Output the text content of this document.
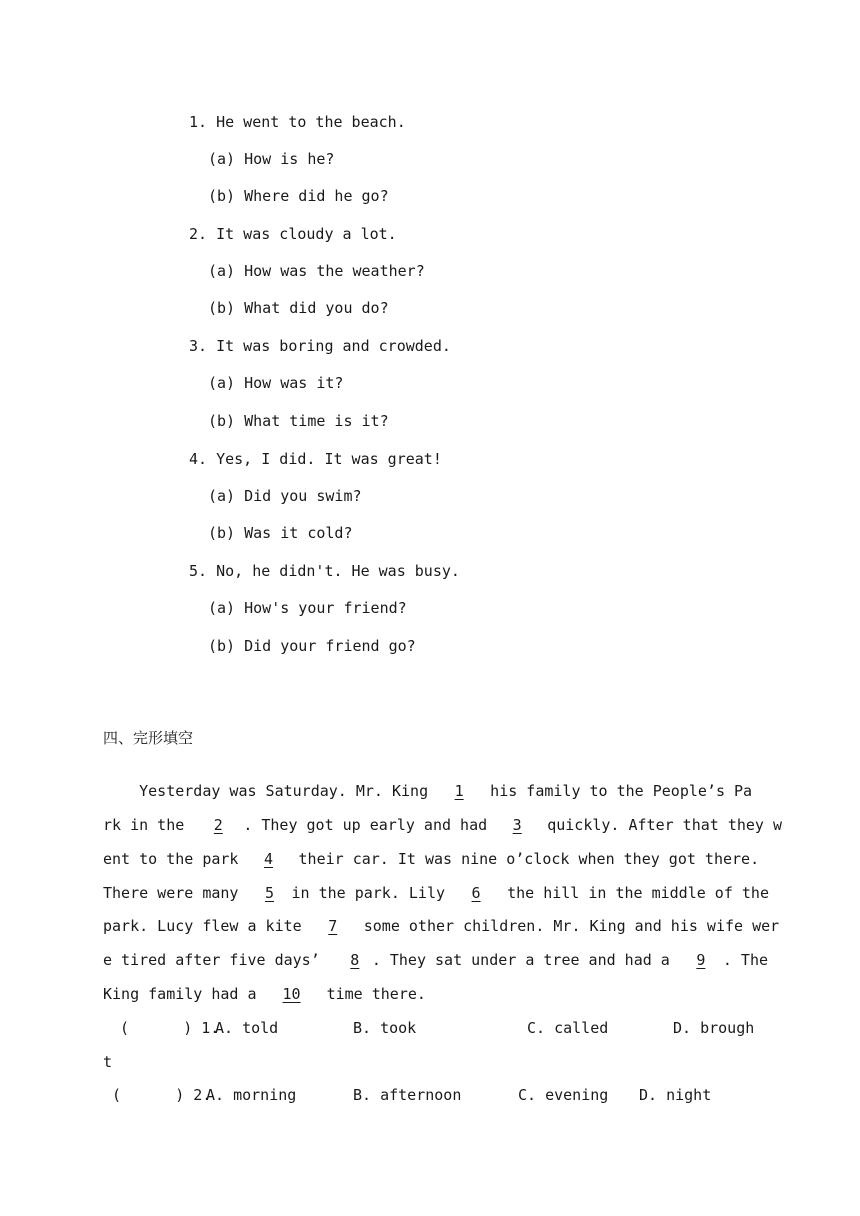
1. He went to the beach.
(a) How is he?
(b) Where did he go?
2. It was cloudy a lot.
(a) How was the weather?
(b) What did you do?
3. It was boring and crowded.
(a) How was it?
(b) What time is it?
4. Yes, I did. It was great!
(a) Did you swim?
(b) Was it cold?
5. No, he didn't. He was busy.
(a) How's your friend?
(b) Did your friend go?
四、完形填空
Yesterday was Saturday. Mr. King 1 his family to the People’s Pa
rk in the 2 . They got up early and had 3 quickly. After that they w
ent to the park 4 their car. It was nine o’clock when they got there.
There were many 5 in the park. Lily 6 the hill in the middle of the
park. Lucy flew a kite 7 some other children. Mr. King and his wife wer
e tired after five days’  8 . They sat under a tree and had a 9 . The
King family had a 10 time there.
(      ) 1.
A. told	B. took	C. called	D. brough
t
(      ) 2.
A. morning	B. afternoon	C. evening D. night
